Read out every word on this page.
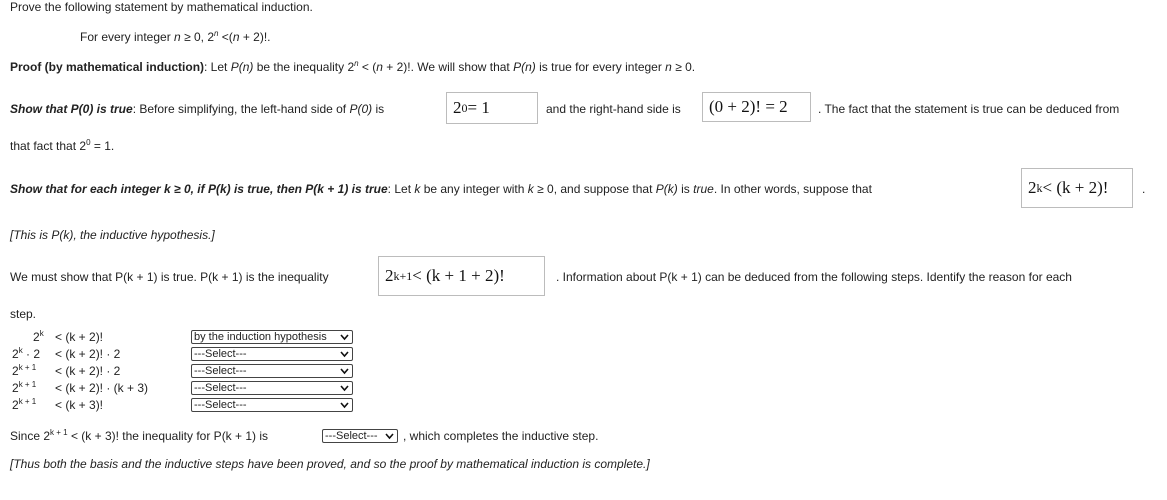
Prove the following statement by mathematical induction.
For every integer n ≥ 0, $2^n <(n + 2)$!.
Proof (by mathematical induction): Let P(n) be the inequality $2^n < (n + 2)$!. We will show that P(n) is true for every integer n ≥ 0.
Show that P(0) is true: Before simplifying, the left-hand side of P(0) is	2 0 = 1	and the right-hand side is	(0 + 2)! = 2	. The fact that the statement is true can be deduced from
that fact that $2^0 = 1$.
Show that for each integer k ≥ 0, if P(k) is true, then P(k + 1) is true: Let k be any integer with k ≥ 0, and suppose that P(k) is true. In other words, suppose that	2 k < (k + 2)!	.
[This is P(k), the inductive hypothesis.]
We must show that P(k + 1) is true. P(k + 1) is the inequality	2 k+1 < (k + 1 + 2)!	. Information about P(k + 1) can be deduced from the following steps. Identify the reason for each
step.
$2^k < (k + 2)$!	by the induction hypothesis
$2^k \cdot 2 < (k + 2)$! · 2	---Select---
$2^{k + 1} < (k + 2)$! · 2	---Select---
$2^{k + 1} < (k + 2)$! · (k + 3)	---Select---
$2^{k + 1} < (k + 3)$!	---Select---
Since $2^{k + 1} < (k + 3)$! the inequality for P(k + 1) is	---Select---	, which completes the inductive step.
[Thus both the basis and the inductive steps have been proved, and so the proof by mathematical induction is complete.]
